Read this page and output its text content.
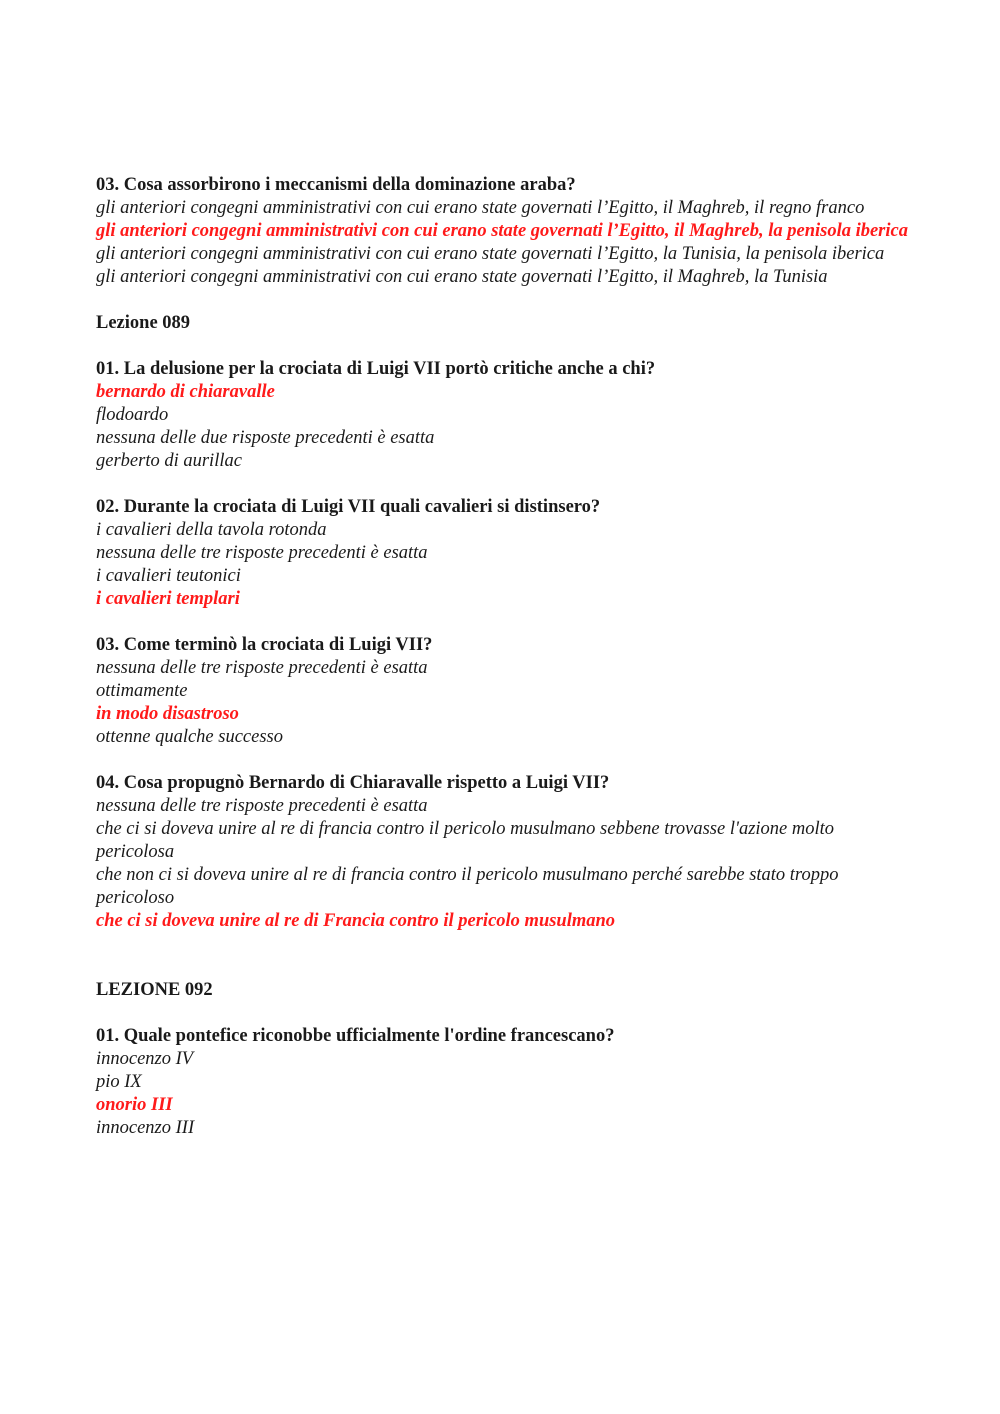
03. Cosa assorbirono i meccanismi della dominazione araba?

gli anteriori congegni amministrativi con cui erano state governati l’Egitto, il Maghreb, il regno franco

gli anteriori congegni amministrativi con cui erano state governati l’Egitto, il Maghreb, la penisola iberica

gli anteriori congegni amministrativi con cui erano state governati l’Egitto, la Tunisia, la penisola iberica

gli anteriori congegni amministrativi con cui erano state governati l’Egitto, il Maghreb, la Tunisia

Lezione 089

01. La delusione per la crociata di Luigi VII portò critiche anche a chi?

bernardo di chiaravalle

flodoardo

nessuna delle due risposte precedenti è esatta

gerberto di aurillac

02. Durante la crociata di Luigi VII quali cavalieri si distinsero?

i cavalieri della tavola rotonda

nessuna delle tre risposte precedenti è esatta

i cavalieri teutonici

i cavalieri templari

03. Come terminò la crociata di Luigi VII?

nessuna delle tre risposte precedenti è esatta

ottimamente

in modo disastroso

ottenne qualche successo

04. Cosa propugnò Bernardo di Chiaravalle rispetto a Luigi VII?

nessuna delle tre risposte precedenti è esatta

che ci si doveva unire al re di francia contro il pericolo musulmano sebbene trovasse l'azione molto pericolosa

che non ci si doveva unire al re di francia contro il pericolo musulmano perché sarebbe stato troppo pericoloso

che ci si doveva unire al re di Francia contro il pericolo musulmano

LEZIONE 092

01. Quale pontefice riconobbe ufficialmente l'ordine francescano?

innocenzo IV

pio IX

onorio III

innocenzo III
